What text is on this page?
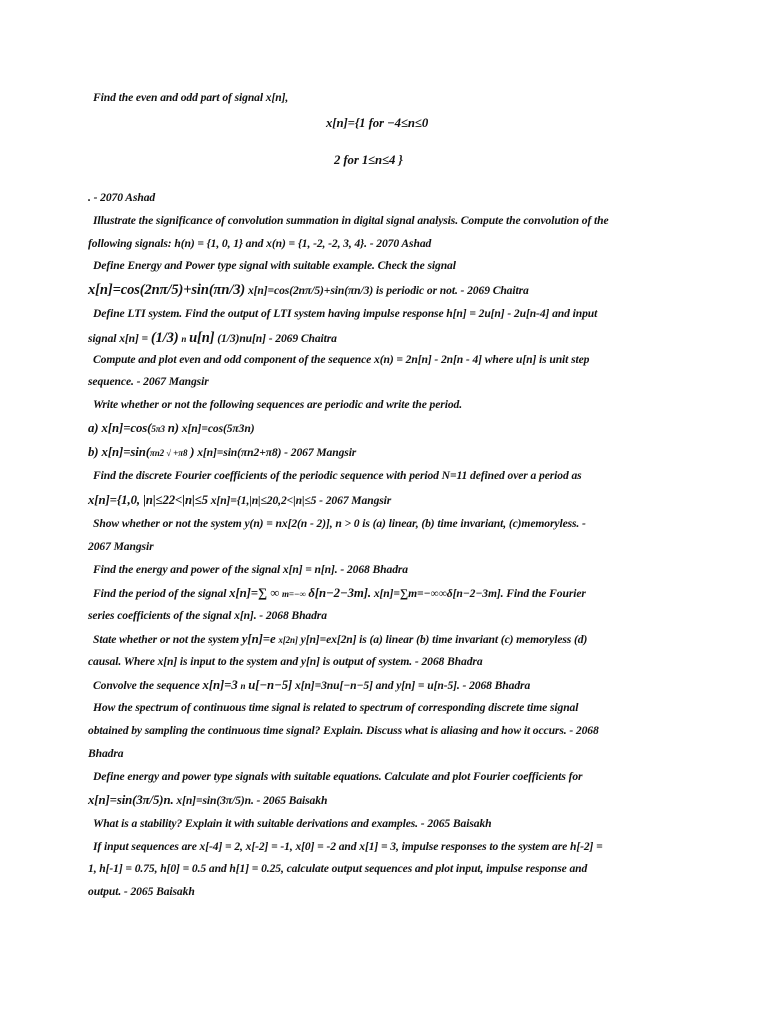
Find the even and odd part of signal x[n],
x[n]={1 for −4≤n≤0
2 for 1≤n≤4 }
. - 2070 Ashad
Illustrate the significance of convolution summation in digital signal analysis. Compute the convolution of the
following signals: h(n) = {1, 0, 1} and x(n) = {1, -2, -2, 3, 4}. - 2070 Ashad
Define Energy and Power type signal with suitable example. Check the signal
x[n]=cos(2nπ/5)+sin(πn/3) x[n]=cos(2nπ/5)+sin(πn/3) is periodic or not. - 2069 Chaitra
Define LTI system. Find the output of LTI system having impulse response h[n] = 2u[n] - 2u[n-4] and input
signal x[n] = (1/3) n u[n] (1/3)nu[n] - 2069 Chaitra
Compute and plot even and odd component of the sequence x(n) = 2n[n] - 2n[n - 4] where u[n] is unit step
sequence. - 2067 Mangsir
Write whether or not the following sequences are periodic and write the period.
a) x[n]=cos(5π3 n) x[n]=cos(5π3n)
b) x[n]=sin(πn2 √ +π8 ) x[n]=sin(πn2+π8) - 2067 Mangsir
Find the discrete Fourier coefficients of the periodic sequence with period N=11 defined over a period as
x[n]={1,0, |n|≤22<|n|≤5 x[n]={1,|n|≤20,2<|n|≤5 - 2067 Mangsir
Show whether or not the system y(n) = nx[2(n - 2)], n > 0 is (a) linear, (b) time invariant, (c)memoryless. -
2067 Mangsir
Find the energy and power of the signal x[n] = n[n]. - 2068 Bhadra
Find the period of the signal x[n]=∑ ∞ m=−∞ δ[n−2−3m]. x[n]=∑m=−∞∞δ[n−2−3m]. Find the Fourier
series coefficients of the signal x[n]. - 2068 Bhadra
State whether or not the system y[n]=e x[2n] y[n]=ex[2n] is (a) linear (b) time invariant (c) memoryless (d)
causal. Where x[n] is input to the system and y[n] is output of system. - 2068 Bhadra
Convolve the sequence x[n]=3 n u[−n−5] x[n]=3nu[−n−5] and y[n] = u[n-5]. - 2068 Bhadra
How the spectrum of continuous time signal is related to spectrum of corresponding discrete time signal
obtained by sampling the continuous time signal? Explain. Discuss what is aliasing and how it occurs. - 2068
Bhadra
Define energy and power type signals with suitable equations. Calculate and plot Fourier coefficients for
x[n]=sin(3π/5)n. x[n]=sin(3π/5)n. - 2065 Baisakh
What is a stability? Explain it with suitable derivations and examples. - 2065 Baisakh
If input sequences are x[-4] = 2, x[-2] = -1, x[0] = -2 and x[1] = 3, impulse responses to the system are h[-2] =
1, h[-1] = 0.75, h[0] = 0.5 and h[1] = 0.25, calculate output sequences and plot input, impulse response and
output. - 2065 Baisakh
